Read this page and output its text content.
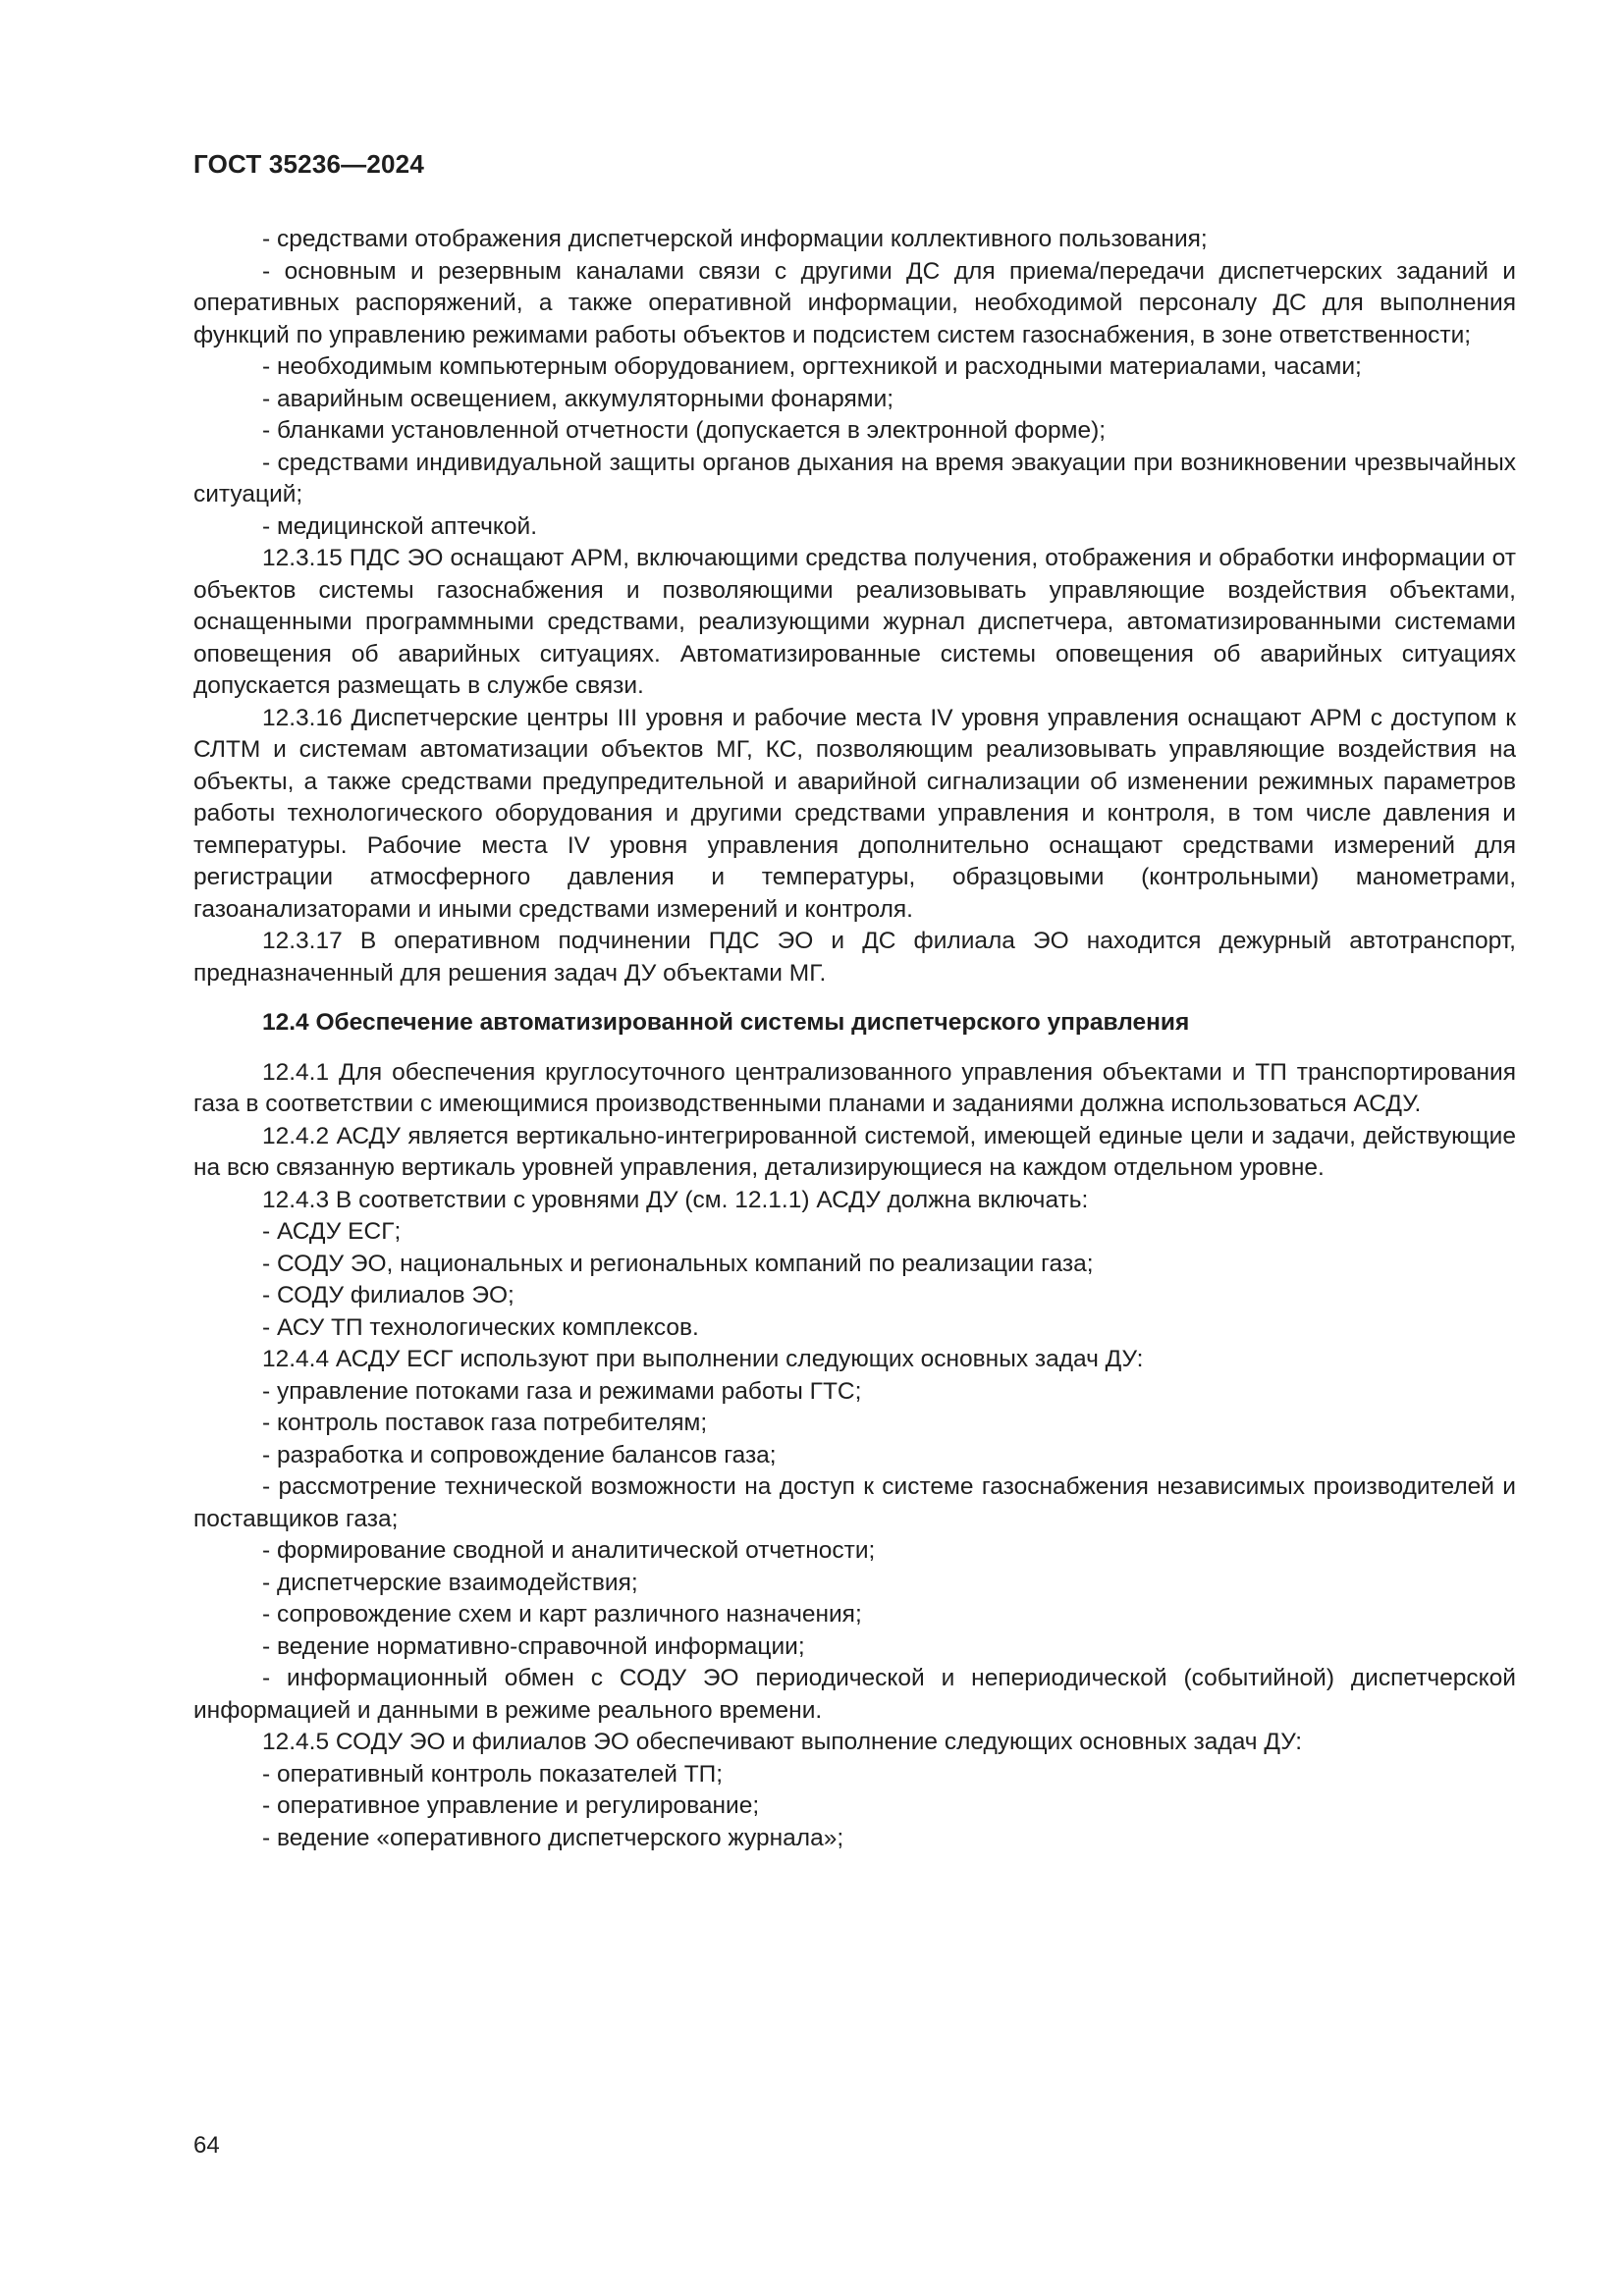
ГОСТ 35236—2024

- средствами отображения диспетчерской информации коллективного пользования;

- основным и резервным каналами связи с другими ДС для приема/передачи диспетчерских заданий и оперативных распоряжений, а также оперативной информации, необходимой персоналу ДС для выполнения функций по управлению режимами работы объектов и подсистем систем газоснабжения, в зоне ответственности;

- необходимым компьютерным оборудованием, оргтехникой и расходными материалами, часами;

- аварийным освещением, аккумуляторными фонарями;

- бланками установленной отчетности (допускается в электронной форме);

- средствами индивидуальной защиты органов дыхания на время эвакуации при возникновении чрезвычайных ситуаций;

- медицинской аптечкой.

12.3.15 ПДС ЭО оснащают АРМ, включающими средства получения, отображения и обработки информации от объектов системы газоснабжения и позволяющими реализовывать управляющие воздействия объектами, оснащенными программными средствами, реализующими журнал диспетчера, автоматизированными системами оповещения об аварийных ситуациях. Автоматизированные системы оповещения об аварийных ситуациях допускается размещать в службе связи.

12.3.16 Диспетчерские центры III уровня и рабочие места IV уровня управления оснащают АРМ с доступом к СЛТМ и системам автоматизации объектов МГ, КС, позволяющим реализовывать управляющие воздействия на объекты, а также средствами предупредительной и аварийной сигнализации об изменении режимных параметров работы технологического оборудования и другими средствами управления и контроля, в том числе давления и температуры. Рабочие места IV уровня управления дополнительно оснащают средствами измерений для регистрации атмосферного давления и температуры, образцовыми (контрольными) манометрами, газоанализаторами и иными средствами измерений и контроля.

12.3.17 В оперативном подчинении ПДС ЭО и ДС филиала ЭО находится дежурный автотранспорт, предназначенный для решения задач ДУ объектами МГ.

12.4 Обеспечение автоматизированной системы диспетчерского управления

12.4.1 Для обеспечения круглосуточного централизованного управления объектами и ТП транспортирования газа в соответствии с имеющимися производственными планами и заданиями должна использоваться АСДУ.

12.4.2 АСДУ является вертикально-интегрированной системой, имеющей единые цели и задачи, действующие на всю связанную вертикаль уровней управления, детализирующиеся на каждом отдельном уровне.

12.4.3 В соответствии с уровнями ДУ (см. 12.1.1) АСДУ должна включать:

- АСДУ ЕСГ;

- СОДУ ЭО, национальных и региональных компаний по реализации газа;

- СОДУ филиалов ЭО;

- АСУ ТП технологических комплексов.

12.4.4 АСДУ ЕСГ используют при выполнении следующих основных задач ДУ:

- управление потоками газа и режимами работы ГТС;

- контроль поставок газа потребителям;

- разработка и сопровождение балансов газа;

- рассмотрение технической возможности на доступ к системе газоснабжения независимых производителей и поставщиков газа;

- формирование сводной и аналитической отчетности;

- диспетчерские взаимодействия;

- сопровождение схем и карт различного назначения;

- ведение нормативно-справочной информации;

- информационный обмен с СОДУ ЭО периодической и непериодической (событийной) диспетчерской информацией и данными в режиме реального времени.

12.4.5 СОДУ ЭО и филиалов ЭО обеспечивают выполнение следующих основных задач ДУ:

- оперативный контроль показателей ТП;

- оперативное управление и регулирование;

- ведение «оперативного диспетчерского журнала»;

64
